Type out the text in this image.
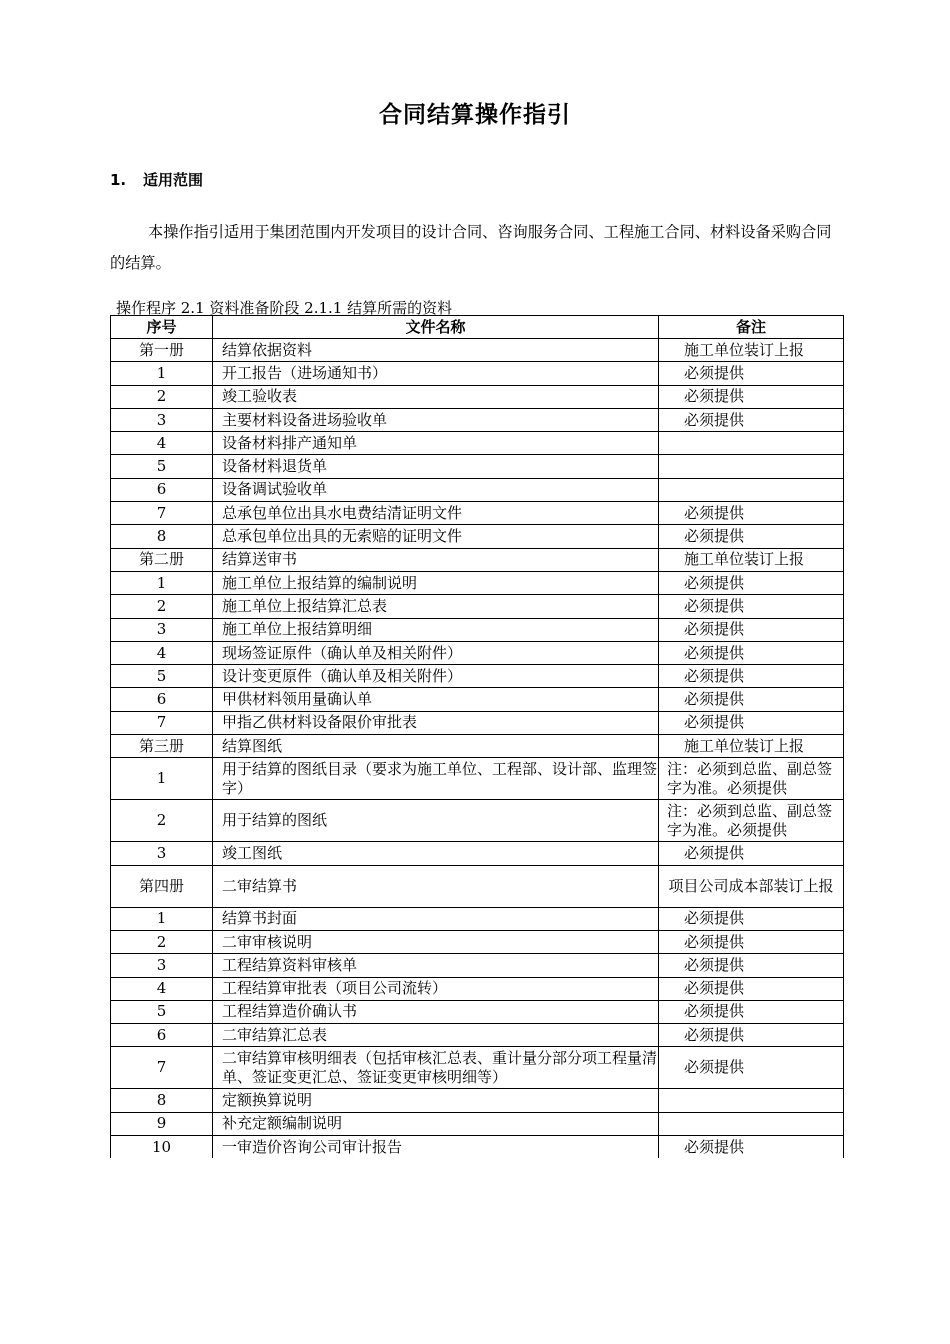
合同结算操作指引
1. 适用范围
本操作指引适用于集团范围内开发项目的设计合同、咨询服务合同、工程施工合同、材料设备采购合同的结算。
操作程序 2.1 资料准备阶段 2.1.1 结算所需的资料
序号	文件名称	备注
第一册	结算依据资料	施工单位装订上报
1	开工报告（进场通知书）	必须提供
2	竣工验收表	必须提供
3	主要材料设备进场验收单	必须提供
4	设备材料排产通知单	
5	设备材料退货单	
6	设备调试验收单	
7	总承包单位出具水电费结清证明文件	必须提供
8	总承包单位出具的无索赔的证明文件	必须提供
第二册	结算送审书	施工单位装订上报
1	施工单位上报结算的编制说明	必须提供
2	施工单位上报结算汇总表	必须提供
3	施工单位上报结算明细	必须提供
4	现场签证原件（确认单及相关附件）	必须提供
5	设计变更原件（确认单及相关附件）	必须提供
6	甲供材料领用量确认单	必须提供
7	甲指乙供材料设备限价审批表	必须提供
第三册	结算图纸	施工单位装订上报
1	用于结算的图纸目录（要求为施工单位、工程部、设计部、监理签字）	注：必须到总监、副总签字为准。必须提供
2	用于结算的图纸	注：必须到总监、副总签字为准。必须提供
3	竣工图纸	必须提供
第四册	二审结算书	项目公司成本部装订上报
1	结算书封面	必须提供
2	二审审核说明	必须提供
3	工程结算资料审核单	必须提供
4	工程结算审批表（项目公司流转）	必须提供
5	工程结算造价确认书	必须提供
6	二审结算汇总表	必须提供
7	二审结算审核明细表（包括审核汇总表、重计量分部分项工程量清单、签证变更汇总、签证变更审核明细等）	必须提供
8	定额换算说明	
9	补充定额编制说明	
10	一审造价咨询公司审计报告	必须提供
